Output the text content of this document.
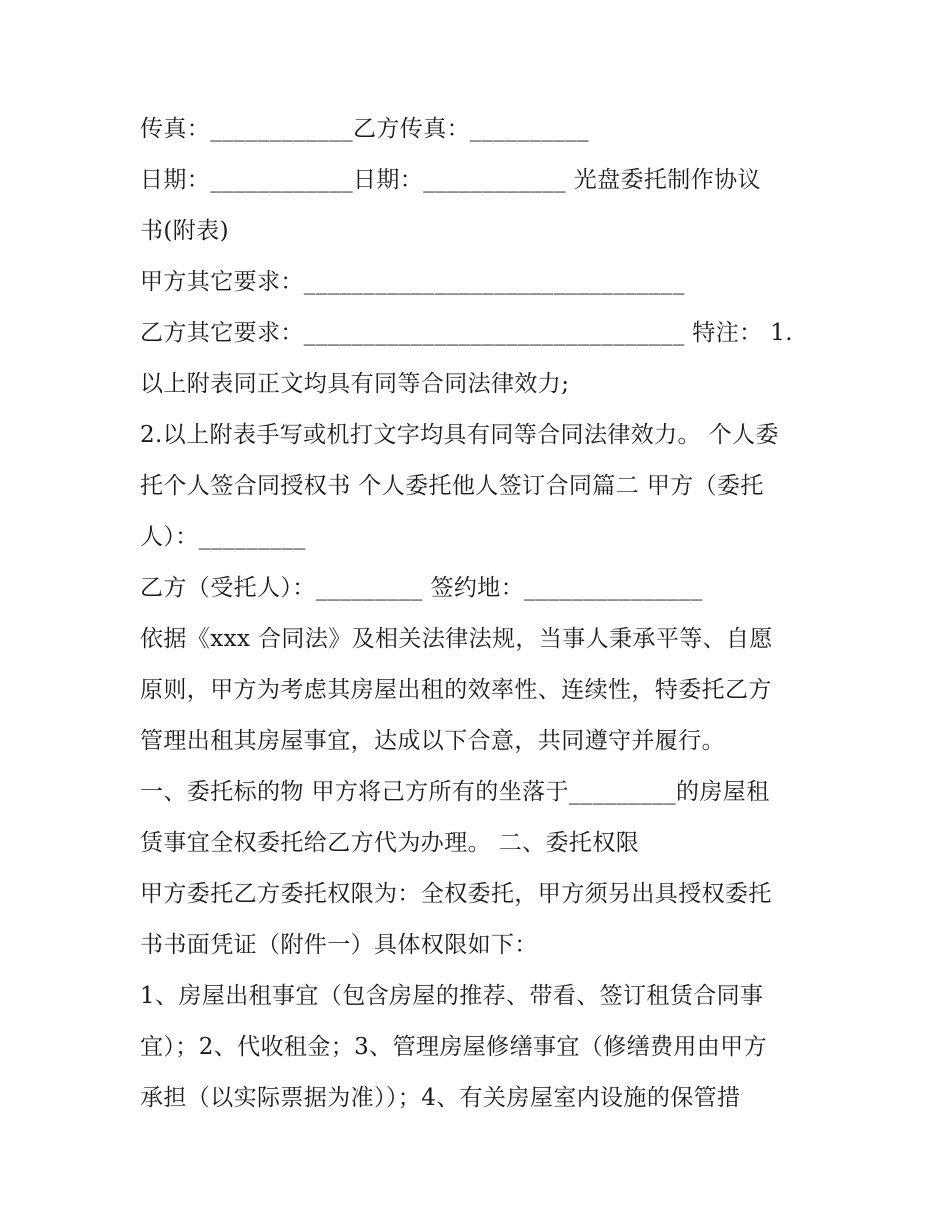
传真：____________乙方传真：__________
日期：____________日期：____________ 光盘委托制作协议
书(附表)
甲方其它要求：________________________________
乙方其它要求：________________________________ 特注： 1.
以上附表同正文均具有同等合同法律效力;
2.以上附表手写或机打文字均具有同等合同法律效力。 个人委
托个人签合同授权书 个人委托他人签订合同篇二 甲方（委托
人）：_________
乙方（受托人）：_________ 签约地：_______________
依据《xxx 合同法》及相关法律法规，当事人秉承平等、自愿
原则，甲方为考虑其房屋出租的效率性、连续性，特委托乙方
管理出租其房屋事宜，达成以下合意，共同遵守并履行。
一、委托标的物 甲方将己方所有的坐落于_________的房屋租
赁事宜全权委托给乙方代为办理。 二、委托权限
甲方委托乙方委托权限为：全权委托，甲方须另出具授权委托
书书面凭证（附件一）具体权限如下：
1、房屋出租事宜（包含房屋的推荐、带看、签订租赁合同事
宜）；2、代收租金；3、管理房屋修缮事宜（修缮费用由甲方
承担（以实际票据为准））；4、有关房屋室内设施的保管措
